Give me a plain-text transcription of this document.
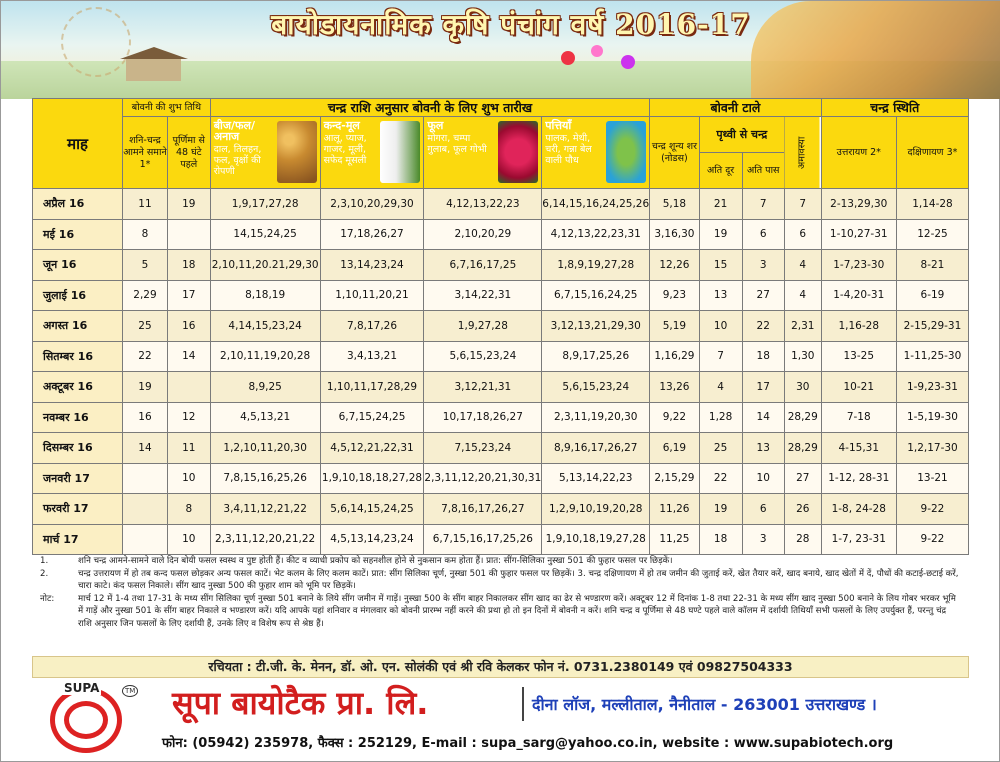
बायोडायनामिक कृषि पंचांग वर्ष 2016-17
माह	बोवनी की शुभ तिथि		चन्द्र राशि अनुसार बोवनी के लिए शुभ तारीख				बोवनी टाले				चन्द्र स्थिति	
	शनि-चन्द्र आमने समाने 1*	पूर्णिमा से 48 घंटे पहले	बीज/फल/अनाज
दाल, तिलहन, फल, वृक्षों की रोपणी	कन्द-मूल
आलू, प्याज, गाजर, मूली, सफेद मूसली	फूल
मोगरा, चम्पा गुलाब, फूल गोभी	पत्तियाँ
पालक, मेथी, चरी, गन्ना बेल वाली पौध	चन्द्र शून्य शर (नोडस)	पृथ्वी से चन्द्र		अमावस्या	उत्तरायण 2*	दक्षिणायण 3*
								अति दूर	अति पास			
अप्रैल 16	11	19	1,9,17,27,28	2,3,10,20,29,30	4,12,13,22,23	6,14,15,16,24,25,26	5,18	21	7	7	2-13,29,30	1,14-28
मई 16	8		14,15,24,25	17,18,26,27	2,10,20,29	4,12,13,22,23,31	3,16,30	19	6	6	1-10,27-31	12-25
जून 16	5	18	2,10,11,20.21,29,30	13,14,23,24	6,7,16,17,25	1,8,9,19,27,28	12,26	15	3	4	1-7,23-30	8-21
जुलाई 16	2,29	17	8,18,19	1,10,11,20,21	3,14,22,31	6,7,15,16,24,25	9,23	13	27	4	1-4,20-31	6-19
अगस्त 16	25	16	4,14,15,23,24	7,8,17,26	1,9,27,28	3,12,13,21,29,30	5,19	10	22	2,31	1,16-28	2-15,29-31
सितम्बर 16	22	14	2,10,11,19,20,28	3,4,13,21	5,6,15,23,24	8,9,17,25,26	1,16,29	7	18	1,30	13-25	1-11,25-30
अक्टूबर 16	19		8,9,25	1,10,11,17,28,29	3,12,21,31	5,6,15,23,24	13,26	4	17	30	10-21	1-9,23-31
नवम्बर 16	16	12	4,5,13,21	6,7,15,24,25	10,17,18,26,27	2,3,11,19,20,30	9,22	1,28	14	28,29	7-18	1-5,19-30
दिसम्बर 16	14	11	1,2,10,11,20,30	4,5,12,21,22,31	7,15,23,24	8,9,16,17,26,27	6,19	25	13	28,29	4-15,31	1,2,17-30
जनवरी 17		10	7,8,15,16,25,26	1,9,10,18,18,27,28	2,3,11,12,20,21,30,31	5,13,14,22,23	2,15,29	22	10	27	1-12, 28-31	13-21
फरवरी 17		8	3,4,11,12,21,22	5,6,14,15,24,25	7,8,16,17,26,27	1,2,9,10,19,20,28	11,26	19	6	26	1-8, 24-28	9-22
मार्च 17		10	2,3,11,12,20,21,22	4,5,13,14,23,24	6,7,15,16,17,25,26	1,9,10,18,19,27,28	11,25	18	3	28	1-7, 23-31	9-22
1.	शनि चन्द्र आमने-सामने वाले दिन बोयी फसल स्वस्थ व पुष्ट होती हैं। कीट व व्याधी प्रकोप को सहनशील होने से नुकसान कम होता हैं। प्रात: सींग-सिलिका नुस्खा 501 की फुहार फसल पर छिड़कें।
2.	चन्द्र उत्तरायण में हो तब कन्द फसल छोड़कर अन्य फसल काटें। भेट कलम के लिए कलम काटें। प्रात: सींग सिलिका चूर्ण, नुस्खा 501 की फुहार फसल पर छिड़कें। 3. चन्द्र दक्षिणायण में हो तब जमीन की जुताई करें, खेत तैयार करें, खाद बनाये, खाद खेतों में दें, पौधों की कटाई-छटाई करें, चारा काटे। कंद फसल निकाले। सींग खाद नुस्खा 500 की फुहार शाम को भूमि पर छिड़कें।
नोट:	मार्च 12 में 1-4 तथा 17-31 के मध्य सींग सिलिका चूर्ण नुस्खा 501 बनाने के लिये सींग जमीन में गाड़ें। नुस्खा 500 के सींग बाहर निकालकर सींग खाद का ढेर से भण्डारण करें। अक्टूबर 12 में दिनांक 1-8 तथा 22-31 के मध्य सींग खाद नुस्खा 500 बनाने के लिय गोबर भरकर भूमि में गाड़ें और नुस्खा 501 के सींग बाहर निकाले व भण्डारण करें। यदि आपके यहां शनिवार व मंगलवार को बोवनी प्रारम्भ नहीं करने की प्रथा हो तो इन दिनों में बोवनी न करें। शनि चन्द्र व पूर्णिमा से 48 घण्टे पहले वाले कॉलम में दर्शायी तिथियाँ सभी फसलों के लिए उपर्युक्त हैं, परन्तु चंद्र राशि अनुसार जिन फसलों के लिए दर्शायी हैं, उनके लिए व विशेष रूप से श्रेष्ठ हैं।
रचियता : टी.जी. के. मेनन, डॉ. ओ. एन. सोलंकी एवं श्री रवि केलकर फोन नं. 0731.2380149 एवं 09827504333
SUPA	TM सूपा बायोटैक प्रा. लि.	दीना लॉज, मल्लीताल, नैनीताल - 263001 उत्तराखण्ड ।
फोन: (05942) 235978, फैक्स : 252129, E-mail : supa_sarg@yahoo.co.in, website : www.supabiotech.org
